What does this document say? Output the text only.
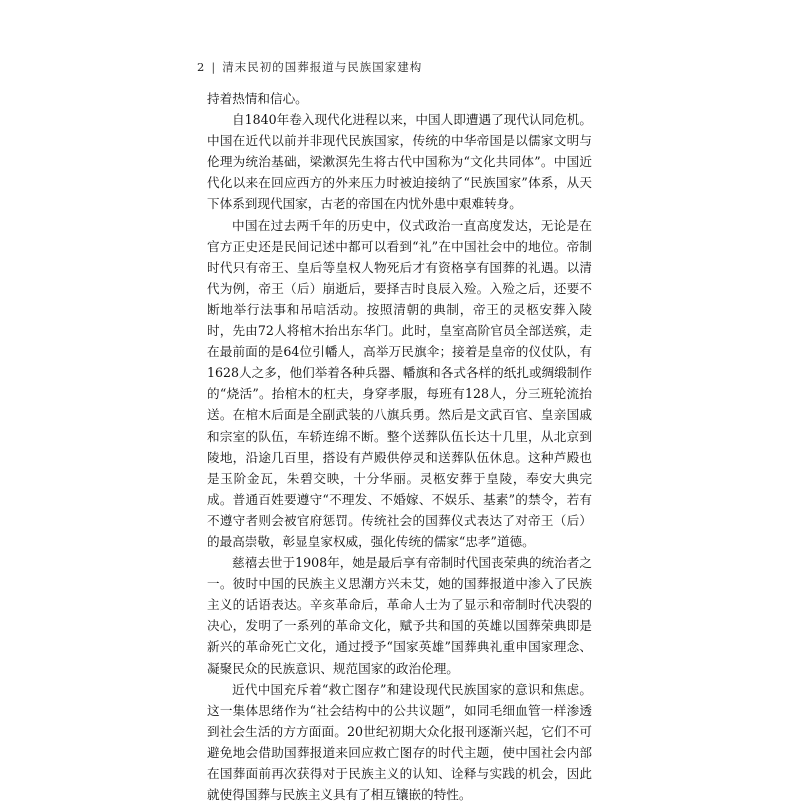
2 | 清末民初的国葬报道与民族国家建构

持着热情和信心。

自1840年卷入现代化进程以来，中国人即遭遇了现代认同危机。中国在近代以前并非现代民族国家，传统的中华帝国是以儒家文明与伦理为统治基础，梁漱溟先生将古代中国称为“文化共同体”。中国近代化以来在回应西方的外来压力时被迫接纳了“民族国家”体系，从天下体系到现代国家，古老的帝国在内忧外患中艰难转身。

中国在过去两千年的历史中，仪式政治一直高度发达，无论是在官方正史还是民间记述中都可以看到“礼”在中国社会中的地位。帝制时代只有帝王、皇后等皇权人物死后才有资格享有国葬的礼遇。以清代为例，帝王（后）崩逝后，要择吉时良辰入殓。入殓之后，还要不断地举行法事和吊唁活动。按照清朝的典制，帝王的灵柩安葬入陵时，先由72人将棺木抬出东华门。此时，皇室高阶官员全部送殡，走在最前面的是64位引幡人，高举万民旗伞；接着是皇帝的仪仗队，有1628人之多，他们举着各种兵器、幡旗和各式各样的纸扎或绸缎制作的“烧活”。抬棺木的杠夫，身穿孝服，每班有128人，分三班轮流抬送。在棺木后面是全副武装的八旗兵勇。然后是文武百官、皇亲国戚和宗室的队伍，车轿连绵不断。整个送葬队伍长达十几里，从北京到陵地，沿途几百里，搭设有芦殿供停灵和送葬队伍休息。这种芦殿也是玉阶金瓦，朱碧交映，十分华丽。灵柩安葬于皇陵，奉安大典完成。普通百姓要遵守“不理发、不婚嫁、不娱乐、基素”的禁令，若有不遵守者则会被官府惩罚。传统社会的国葬仪式表达了对帝王（后）的最高崇敬，彰显皇家权威，强化传统的儒家“忠孝”道德。

慈禧去世于1908年，她是最后享有帝制时代国丧荣典的统治者之一。彼时中国的民族主义思潮方兴未艾，她的国葬报道中渗入了民族主义的话语表达。辛亥革命后，革命人士为了显示和帝制时代决裂的决心，发明了一系列的革命文化，赋予共和国的英雄以国葬荣典即是新兴的革命死亡文化，通过授予“国家英雄”国葬典礼重申国家理念、凝聚民众的民族意识、规范国家的政治伦理。

近代中国充斥着“救亡图存”和建设现代民族国家的意识和焦虑。这一集体思绪作为“社会结构中的公共议题”，如同毛细血管一样渗透到社会生活的方方面面。20世纪初期大众化报刊逐渐兴起，它们不可避免地会借助国葬报道来回应救亡图存的时代主题，使中国社会内部在国葬面前再次获得对于民族主义的认知、诠释与实践的机会，因此就使得国葬与民族主义具有了相互镶嵌的特性。
